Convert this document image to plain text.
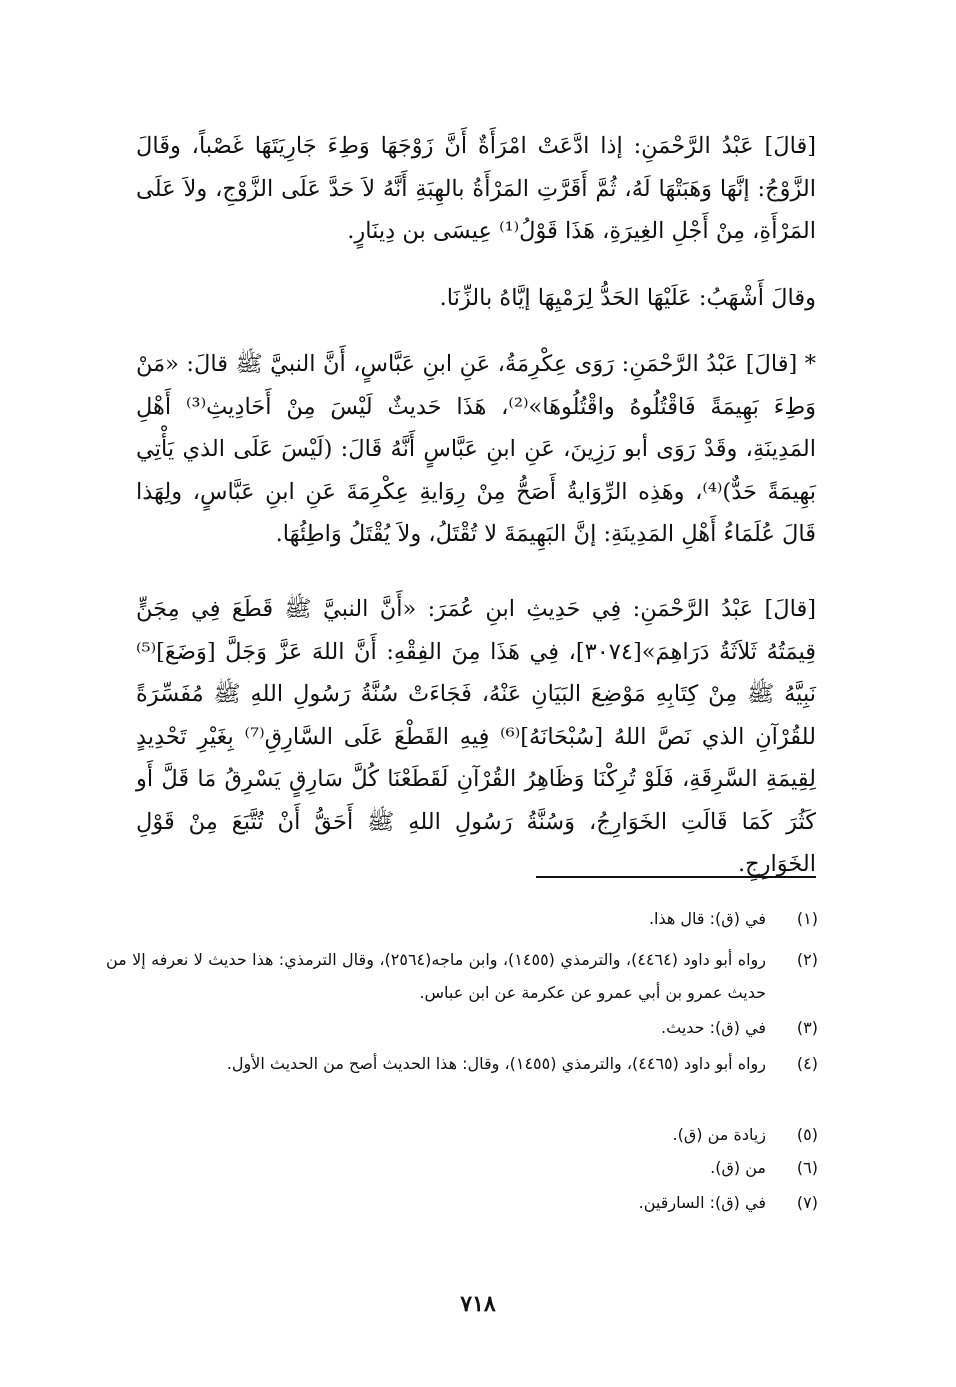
[قالَ] عَبْدُ الرَّحْمَنِ: إذا ادَّعَتْ امْرَأَةٌ أَنَّ زَوْجَهَا وَطِءَ جَارِيَتَهَا غَصْباً، وقَالَ الزَّوْجُ: إنَّهَا وَهَبَتْهَا لَهُ، ثُمَّ أَقَرَّتِ المَرْأَةُ بالهِبَةِ أَنَّهُ لاَ حَدَّ عَلَى الزَّوْجِ، ولاَ عَلَى المَرْأَةِ، مِنْ أَجْلِ الغِيرَةِ، هَذَا قَوْلُ⁽¹⁾ عِيسَى بن دِينَارٍ.

وقالَ أَشْهَبُ: عَلَيْهَا الحَدُّ لِرَمْيِهَا إيَّاهُ بالزِّنَا.

* [قالَ] عَبْدُ الرَّحْمَنِ: رَوَى عِكْرِمَةُ، عَنِ ابنِ عَبَّاسٍ، أَنَّ النبيَّ ﷺ قالَ: «مَنْ وَطِءَ بَهِيمَةً فَاقْتُلُوهُ واقْتُلُوهَا»⁽²⁾، هَذَا حَديثٌ لَيْسَ مِنْ أَحَادِيثِ⁽³⁾ أَهْلِ المَدِينَةِ، وقَدْ رَوَى أبو رَزِينَ، عَنِ ابنِ عَبَّاسٍ أَنَّهُ قَالَ: (لَيْسَ عَلَى الذي يَأْتِي بَهِيمَةً حَدٌّ)⁽⁴⁾، وهَذِه الرِّوَايةُ أَصَحُّ مِنْ رِوَايةِ عِكْرِمَةَ عَنِ ابنِ عَبَّاسٍ، ولِهَذا قَالَ عُلَمَاءُ أَهْلِ المَدِينَةِ: إنَّ البَهِيمَةَ لا تُقْتَلُ، ولاَ يُقْتَلُ وَاطِئُهَا.

[قالَ] عَبْدُ الرَّحْمَنِ: فِي حَدِيثِ ابنِ عُمَرَ: «أَنَّ النبيَّ ﷺ قَطَعَ فِي مِجَنٍّ قِيمَتُهُ ثَلاَثَةُ دَرَاهِمَ»[٣٠٧٤]، فِي هَذَا مِنَ الفِقْهِ: أَنَّ اللهَ عَزَّ وَجَلَّ [وَضَعَ]⁽⁵⁾ نَبِيَّهُ ﷺ مِنْ كِتَابِهِ مَوْضِعَ البَيَانِ عَنْهُ، فَجَاءَتْ سُنَّةُ رَسُولِ اللهِ ﷺ مُفَسِّرَةً للقُرْآنِ الذي نَصَّ اللهُ [سُبْحَانَهُ]⁽⁶⁾ فِيهِ القَطْعَ عَلَى السَّارِقِ⁽⁷⁾ بِغَيْرِ تَحْدِيدٍ لِقِيمَةِ السَّرِقَةِ، فَلَوْ تُرِكْنَا وَظَاهِرُ القُرْآنِ لَقَطَعْنَا كُلَّ سَارِقٍ يَسْرِقُ مَا قَلَّ أَو كَثُرَ كَمَا قَالَتِ الخَوَارِجُ، وَسُنَّةُ رَسُولِ اللهِ ﷺ أَحَقُّ أَنْ تُتَّبَعَ مِنْ قَوْلِ الخَوَارِجِ.

(١)
في (ق): قال هذا.
(٢)
رواه أبو داود (٤٤٦٤)، والترمذي (١٤٥٥)، وابن ماجه(٢٥٦٤)، وقال الترمذي: هذا حديث لا نعرفه إلا من حديث عمرو بن أبي عمرو عن عكرمة عن ابن عباس.
(٣)
في (ق): حديث.
(٤)
رواه أبو داود (٤٤٦٥)، والترمذي (١٤٥٥)، وقال: هذا الحديث أصح من الحديث الأول.
(٥)
زيادة من (ق).
(٦)
من (ق).
(٧)
في (ق): السارقين.
٧١٨
